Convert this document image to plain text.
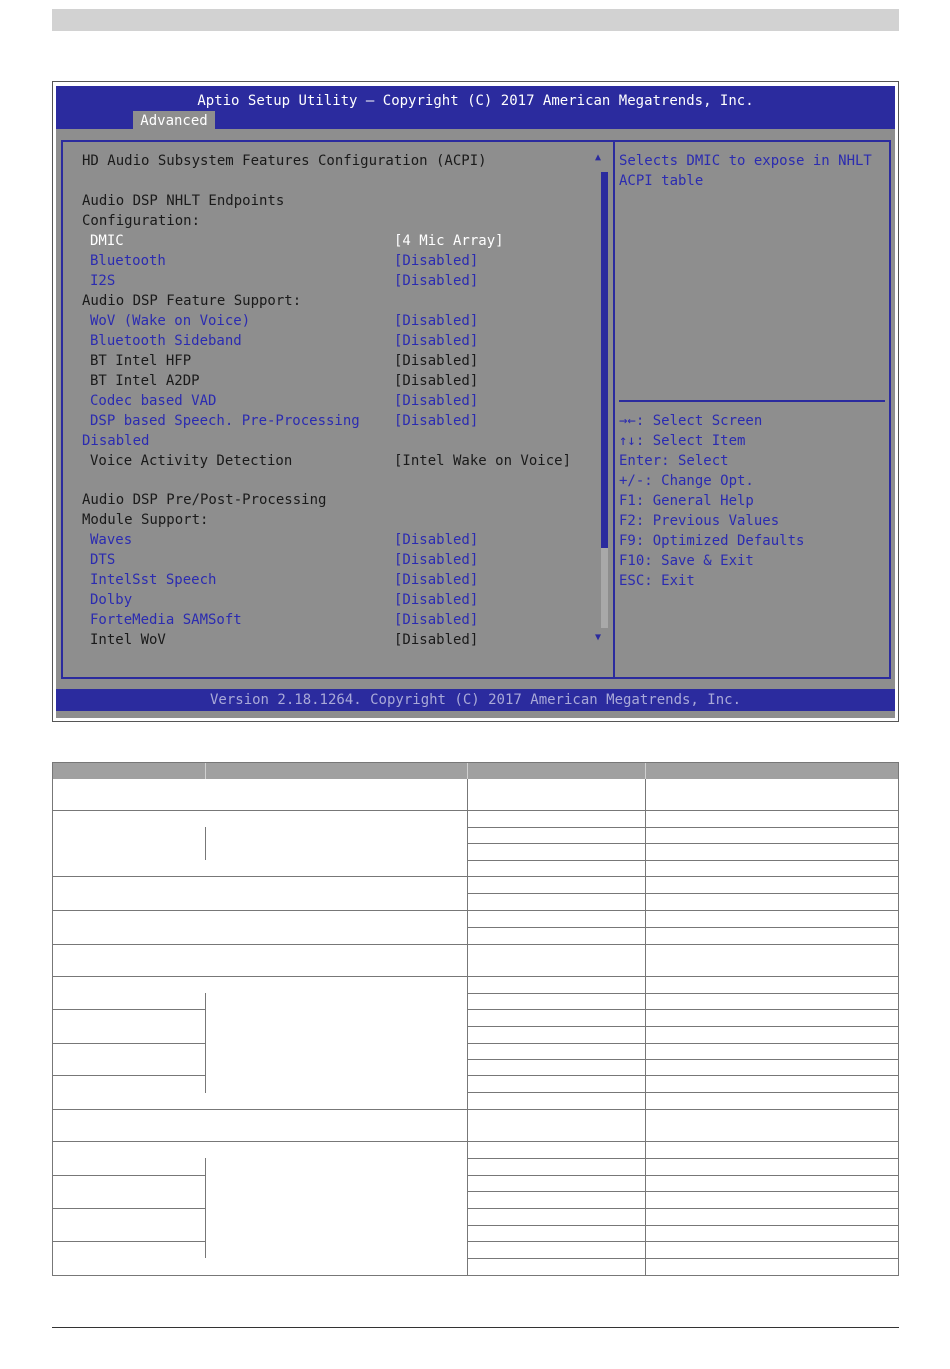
Aptio Setup Utility – Copyright (C) 2017 American Megatrends, Inc.
Advanced
HD Audio Subsystem Features Configuration (ACPI)
Audio DSP NHLT Endpoints
Configuration:
DMIC	[4 Mic Array]
Bluetooth	[Disabled]
I2S	[Disabled]
Audio DSP Feature Support:
WoV (Wake on Voice)	[Disabled]
Bluetooth Sideband	[Disabled]
BT Intel HFP	[Disabled]
BT Intel A2DP	[Disabled]
Codec based VAD	[Disabled]
DSP based Speech. Pre-Processing [Disabled]
Disabled
Voice Activity Detection	[Intel Wake on Voice]
Audio DSP Pre/Post-Processing
Module Support:
Waves	[Disabled]
DTS	[Disabled]
IntelSst Speech	[Disabled]
Dolby	[Disabled]
ForteMedia SAMSoft	[Disabled]
Intel WoV	[Disabled]
▲
▼
Selects DMIC to expose in NHLT
ACPI table
→←: Select Screen
↑↓: Select Item
Enter: Select
+/-: Change Opt.
F1: General Help
F2: Previous Values
F9: Optimized Defaults
F10: Save & Exit
ESC: Exit
Version 2.18.1264. Copyright (C) 2017 American Megatrends, Inc.
